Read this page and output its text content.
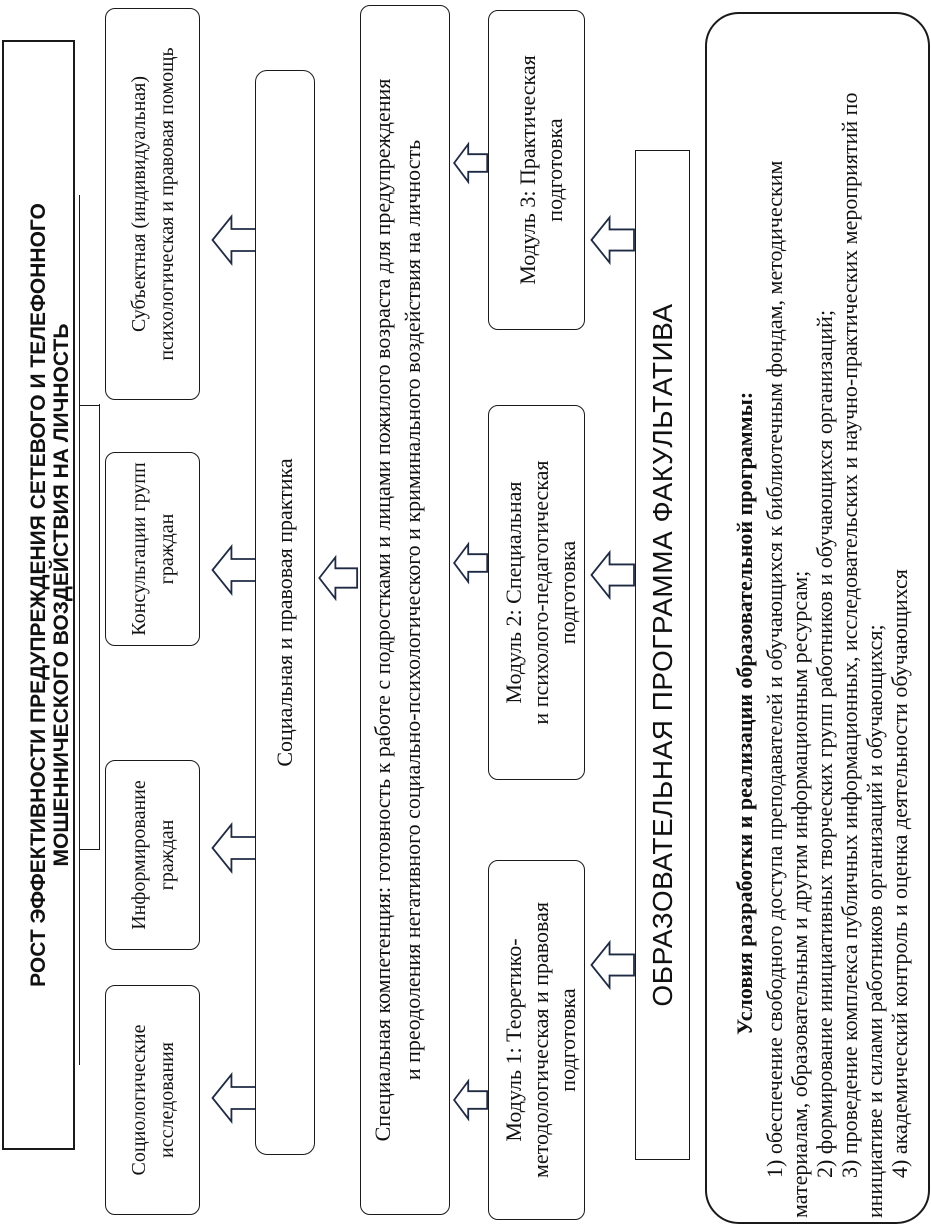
РОСТ ЭФФЕКТИВНОСТИ ПРЕДУПРЕЖДЕНИЯ СЕТЕВОГО И ТЕЛЕФОННОГО МОШЕННИЧЕСКОГО ВОЗДЕЙСТВИЯ НА ЛИЧНОСТЬ
Социологические исследования
Информирование граждан
Консультации групп граждан
Субъектная (индивидуальная) психологическая и правовая помощь
Социальная и правовая практика	Специальная компетенция: готовность к работе с подростками и лицами пожилого возраста для предупреждения и преодоления негативного социально-психологического и криминального воздействия на личность	Модуль 1: Теоретико- методологическая и правовая подготовка
Модуль 2: Специальная и психолого-педагогическая подготовка
Модуль 3: Практическая подготовка
ОБРАЗОВАТЕЛЬНАЯ ПРОГРАММА ФАКУЛЬТАТИВА Условия разработки и реализации образовательной программы: 1) обеспечение свободного доступа преподавателей и обучающихся к библиотечным фондам, методическим материалам, образовательным и другим информационным ресурсам; 2) формирование инициативных творческих групп работников и обучающихся организаций; 3) проведение комплекса публичных информационных, исследовательских и научно-практических мероприятий по инициативе и силами работников организаций и обучающихся; 4) академический контроль и оценка деятельности обучающихся
